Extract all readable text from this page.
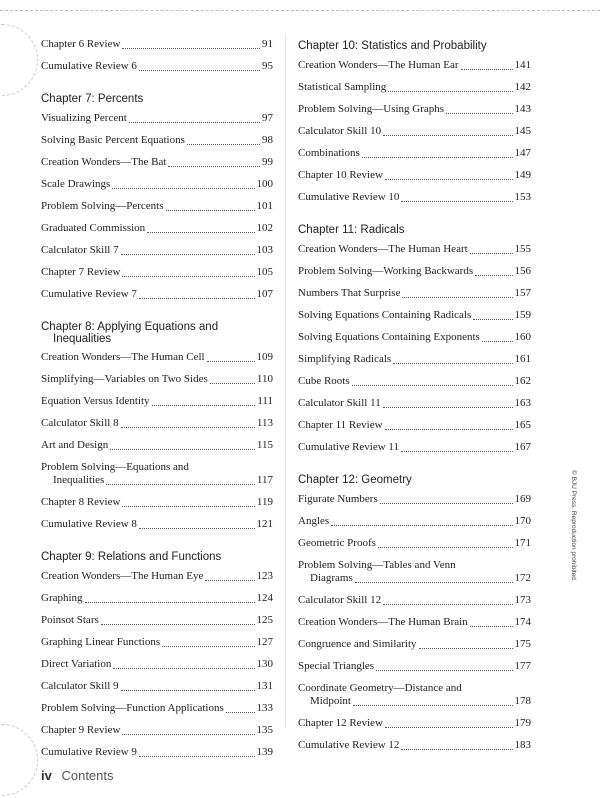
Chapter 6 Review	91
Cumulative Review 6	95
Chapter 7: Percents
Visualizing Percent	97
Solving Basic Percent Equations	98
Creation Wonders—The Bat	99
Scale Drawings	100
Problem Solving—Percents	101
Graduated Commission	102
Calculator Skill 7	103
Chapter 7 Review	105
Cumulative Review 7	107
Chapter 8: Applying Equations and
Inequalities
Creation Wonders—The Human Cell	109
Simplifying—Variables on Two Sides	110
Equation Versus Identity	111
Calculator Skill 8	113
Art and Design	115
Problem Solving—Equations and
Inequalities	117
Chapter 8 Review	119
Cumulative Review 8	121
Chapter 9: Relations and Functions
Creation Wonders—The Human Eye	123
Graphing	124
Poinsot Stars	125
Graphing Linear Functions	127
Direct Variation	130
Calculator Skill 9	131
Problem Solving—Function Applications	133
Chapter 9 Review	135
Cumulative Review 9	139
Chapter 10: Statistics and Probability
Creation Wonders—The Human Ear	141
Statistical Sampling	142
Problem Solving—Using Graphs	143
Calculator Skill 10	145
Combinations	147
Chapter 10 Review	149
Cumulative Review 10	153
Chapter 11: Radicals
Creation Wonders—The Human Heart	155
Problem Solving—Working Backwards	156
Numbers That Surprise	157
Solving Equations Containing Radicals	159
Solving Equations Containing Exponents	160
Simplifying Radicals	161
Cube Roots	162
Calculator Skill 11	163
Chapter 11 Review	165
Cumulative Review 11	167
Chapter 12: Geometry
Figurate Numbers	169
Angles	170
Geometric Proofs	171
Problem Solving—Tables and Venn
Diagrams	172
Calculator Skill 12	173
Creation Wonders—The Human Brain	174
Congruence and Similarity	175
Special Triangles	177
Coordinate Geometry—Distance and
Midpoint	178
Chapter 12 Review	179
Cumulative Review 12	183
© BJU Press. Reproduction prohibited.
iv Contents
